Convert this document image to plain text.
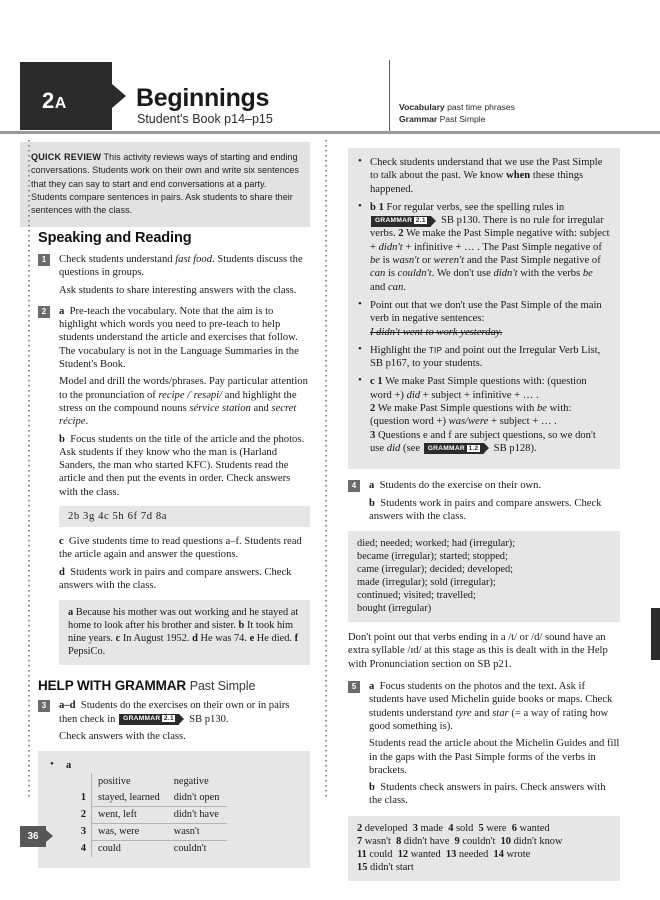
2A	Beginnings
Student's Book p14–p15
Vocabulary past time phrases
Grammar Past Simple
QUICK REVIEW This activity reviews ways of starting and ending conversations. Students work on their own and write six sentences that they can say to start and end conversations at a party. Students compare sentences in pairs. Ask students to share their sentences with the class.
Speaking and Reading
1	Check students understand fast food. Students discuss the questions in groups.

Ask students to share interesting answers with the class.

2	a Pre-teach the vocabulary. Note that the aim is to highlight which words you need to pre-teach to help students understand the article and exercises that follow. The vocabulary is not in the Language Summaries in the Student's Book.

Model and drill the words/phrases. Pay particular attention to the pronunciation of recipe /ˈresəpi/ and highlight the stress on the compound nouns sérvice station and secret récipe.

b Focus students on the title of the article and the photos. Ask students if they know who the man is (Harland Sanders, the man who started KFC). Students read the article and then put the events in order. Check answers with the class.

2b 3g 4c 5h 6f 7d 8a

c Give students time to read questions a–f. Students read the article again and answer the questions.

d Students work in pairs and compare answers. Check answers with the class.

a Because his mother was out working and he stayed at home to look after his brother and sister. b It took him nine years. c In August 1952. d He was 74. e He died. f PepsiCo.
HELP WITH GRAMMAR Past Simple
3	a–d Students do the exercises on their own or in pairs then check in GRAMMAR 2.1 SB p130.

Check answers with the class.

• a
	positive	negative
1	stayed, learned	didn't open
2	went, left	didn't have
3	was, were	wasn't
4	could	couldn't
• Check students understand that we use the Past Simple to talk about the past. We know when these things happened.
• b 1 For regular verbs, see the spelling rules in GRAMMAR 2.1 SB p130. There is no rule for irregular verbs. 2 We make the Past Simple negative with: subject + didn't + infinitive + … . The Past Simple negative of be is wasn't or weren't and the Past Simple negative of can is couldn't. We don't use didn't with the verbs be and can.
• Point out that we don't use the Past Simple of the main verb in negative sentences:
I didn't went to work yesterday.
• Highlight the TIP and point out the Irregular Verb List, SB p167, to your students.
• c 1 We make Past Simple questions with: (question word +) did + subject + infinitive + … .
2 We make Past Simple questions with be with: (question word +) was/were + subject + … .
3 Questions e and f are subject questions, so we don't use did (see GRAMMAR 1.2 SB p128).
4	a Students do the exercise on their own.

b Students work in pairs and compare answers. Check answers with the class.

died; needed; worked; had (irregular);
became (irregular); started; stopped;
came (irregular); decided; developed;
made (irregular); sold (irregular);
continued; visited; travelled;
bought (irregular)

Don't point out that verbs ending in a /t/ or /d/ sound have an extra syllable /ɪd/ at this stage as this is dealt with in the Help with Pronunciation section on SB p21.

5	a Focus students on the photos and the text. Ask if students have used Michelin guide books or maps. Check students understand tyre and star (= a way of rating how good something is).

Students read the article about the Michelin Guides and fill in the gaps with the Past Simple forms of the verbs in brackets.

b Students check answers in pairs. Check answers with the class.

2 developed  3 made  4 sold  5 were  6 wanted
7 wasn't  8 didn't have  9 couldn't  10 didn't know
11 could  12 wanted  13 needed  14 wrote
15 didn't start
36
